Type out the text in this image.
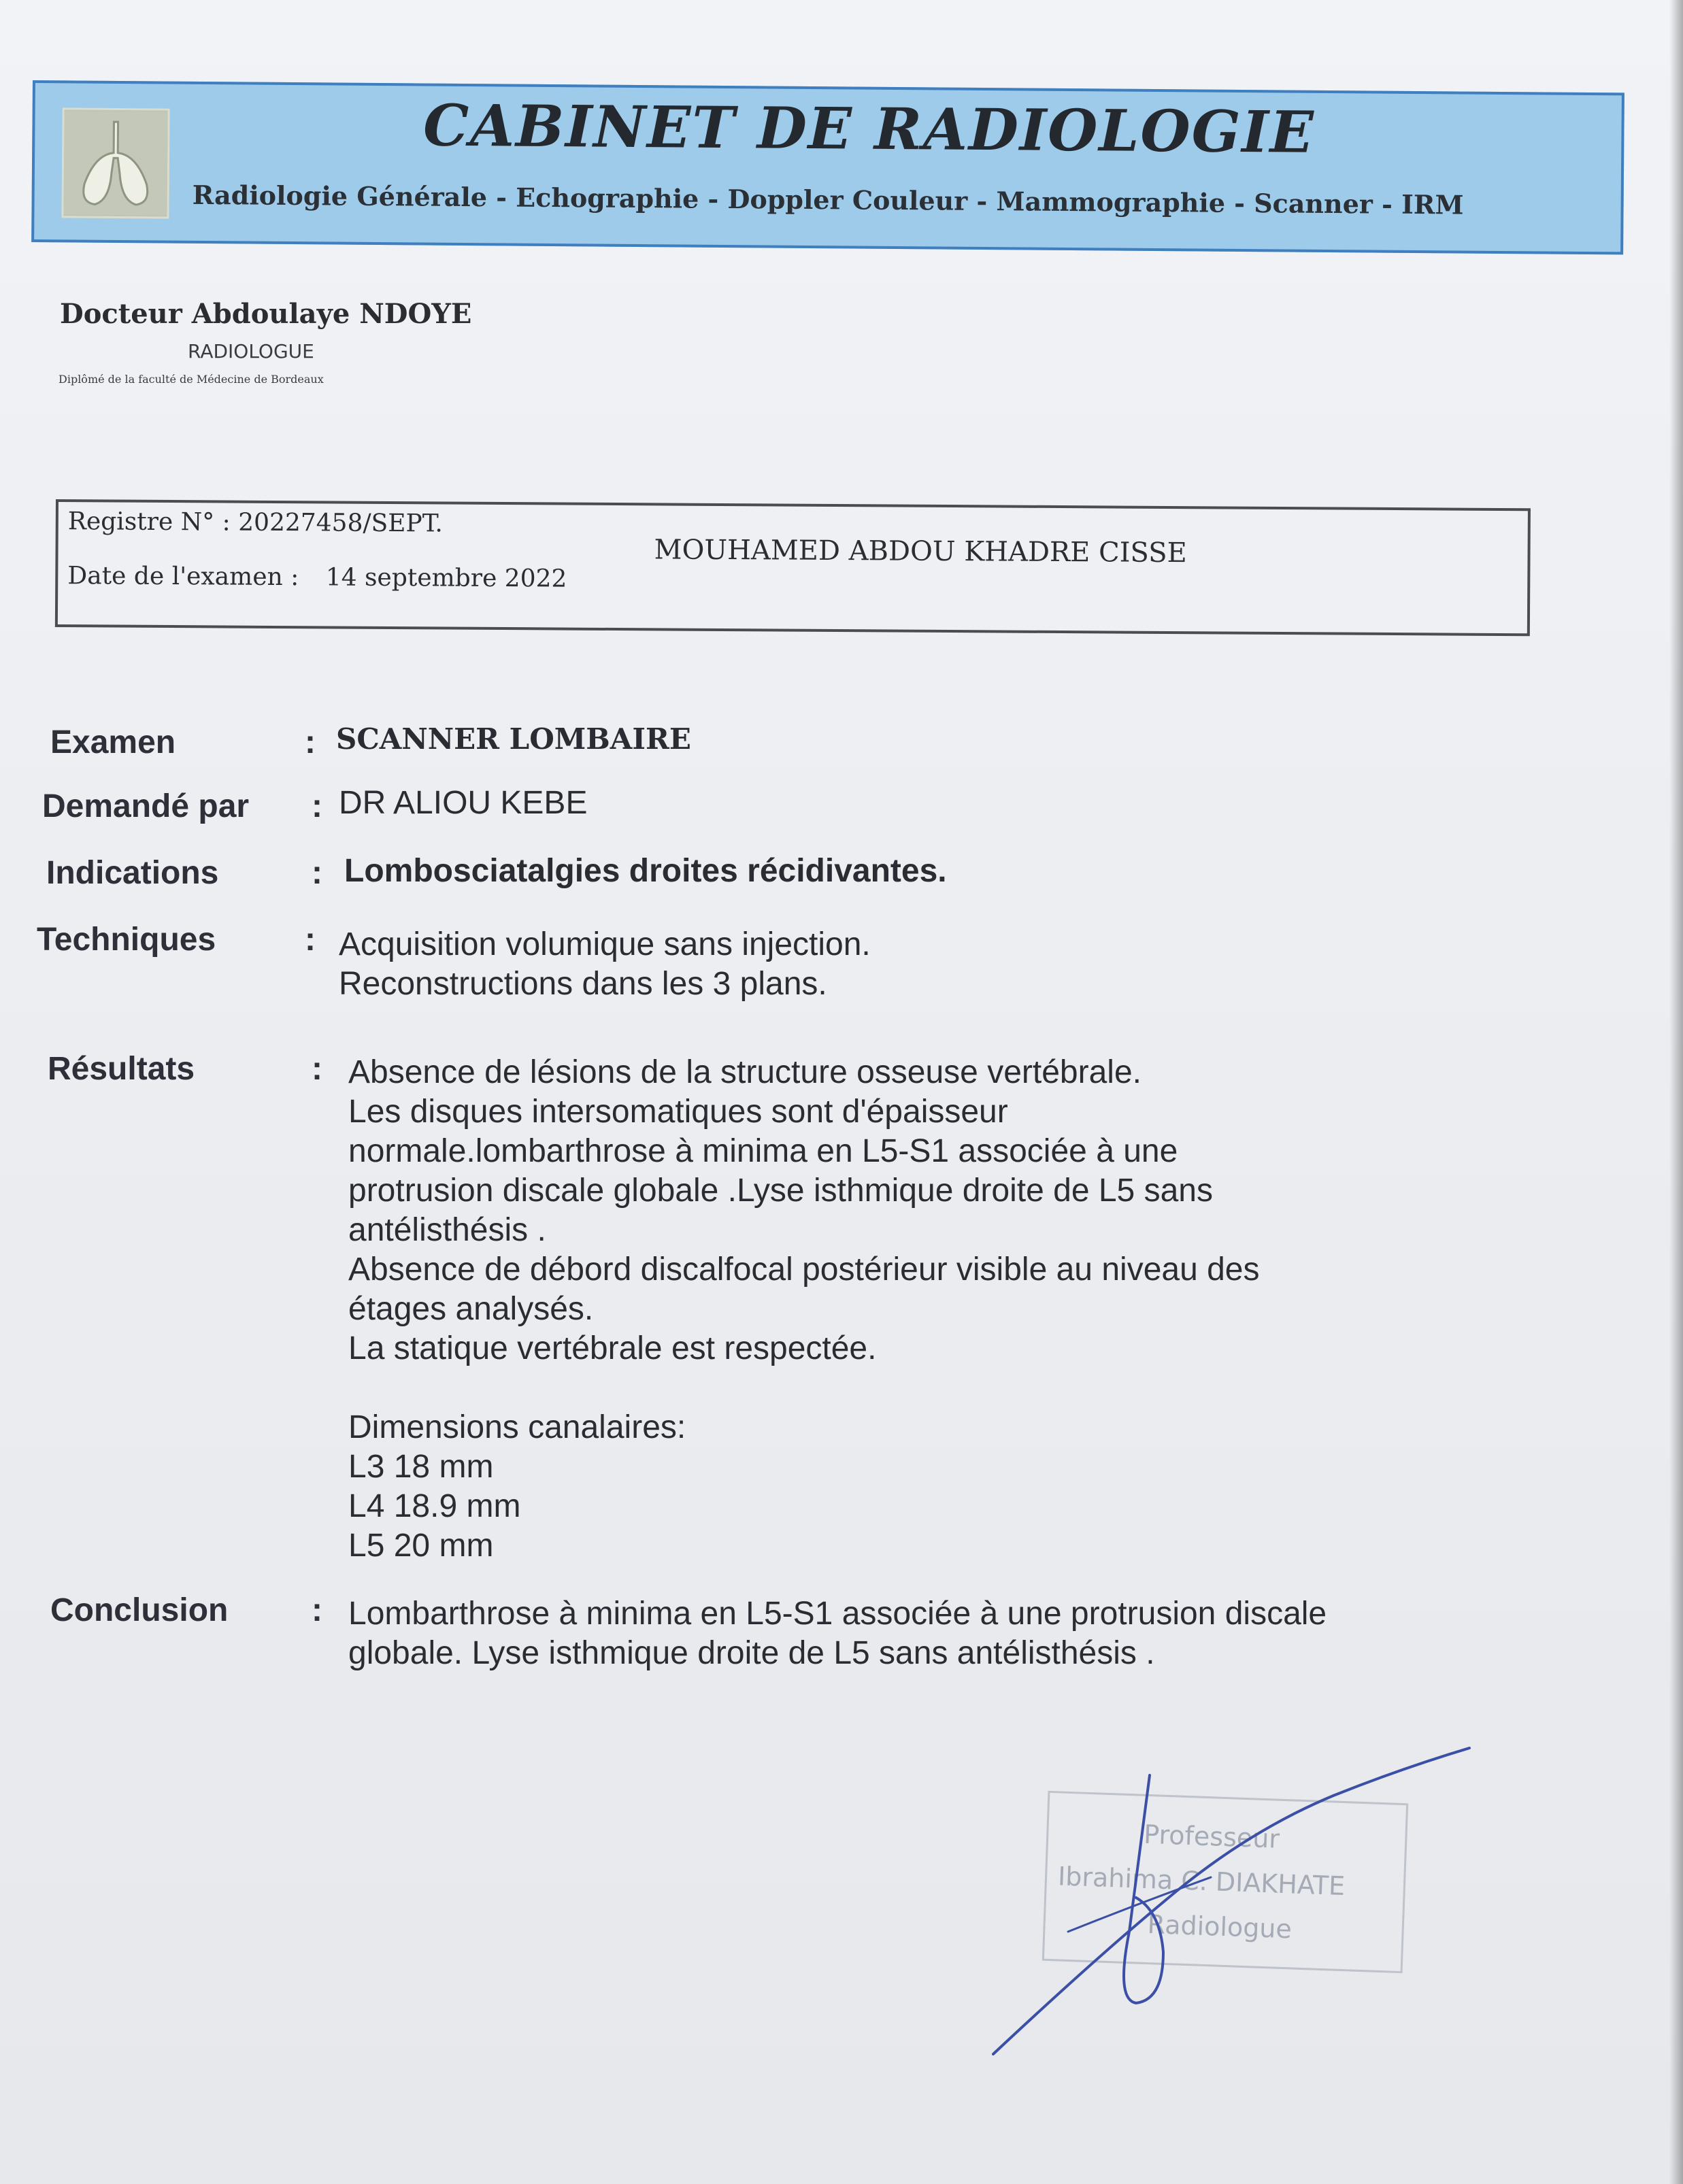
CABINET DE RADIOLOGIE
Radiologie Générale - Echographie - Doppler Couleur - Mammographie - Scanner - IRM
Docteur Abdoulaye NDOYE
RADIOLOGUE
Diplômé de la faculté de Médecine de Bordeaux
Registre N° : 20227458/SEPT.
Date de l'examen : 14 septembre 2022
MOUHAMED ABDOU KHADRE CISSE
Examen	: SCANNER LOMBAIRE
Demandé par : DR ALIOU KEBE
Indications	: Lombosciatalgies droites récidivantes.
Techniques	: Acquisition volumique sans injection.
Reconstructions dans les 3 plans.
Résultats	: Absence de lésions de la structure osseuse vertébrale.
Les disques intersomatiques sont d'épaisseur
normale.lombarthrose à minima en L5-S1 associée à une
protrusion discale globale .Lyse isthmique droite de L5 sans
antélisthésis .
Absence de débord discalfocal postérieur visible au niveau des
étages analysés.
La statique vertébrale est respectée.
Dimensions canalaires:
L3 18 mm
L4 18.9 mm
L5 20 mm
Conclusion	: Lombarthrose à minima en L5-S1 associée à une protrusion discale
globale. Lyse isthmique droite de L5 sans antélisthésis .
Professeur
Ibrahima C. DIAKHATE
Radiologue
